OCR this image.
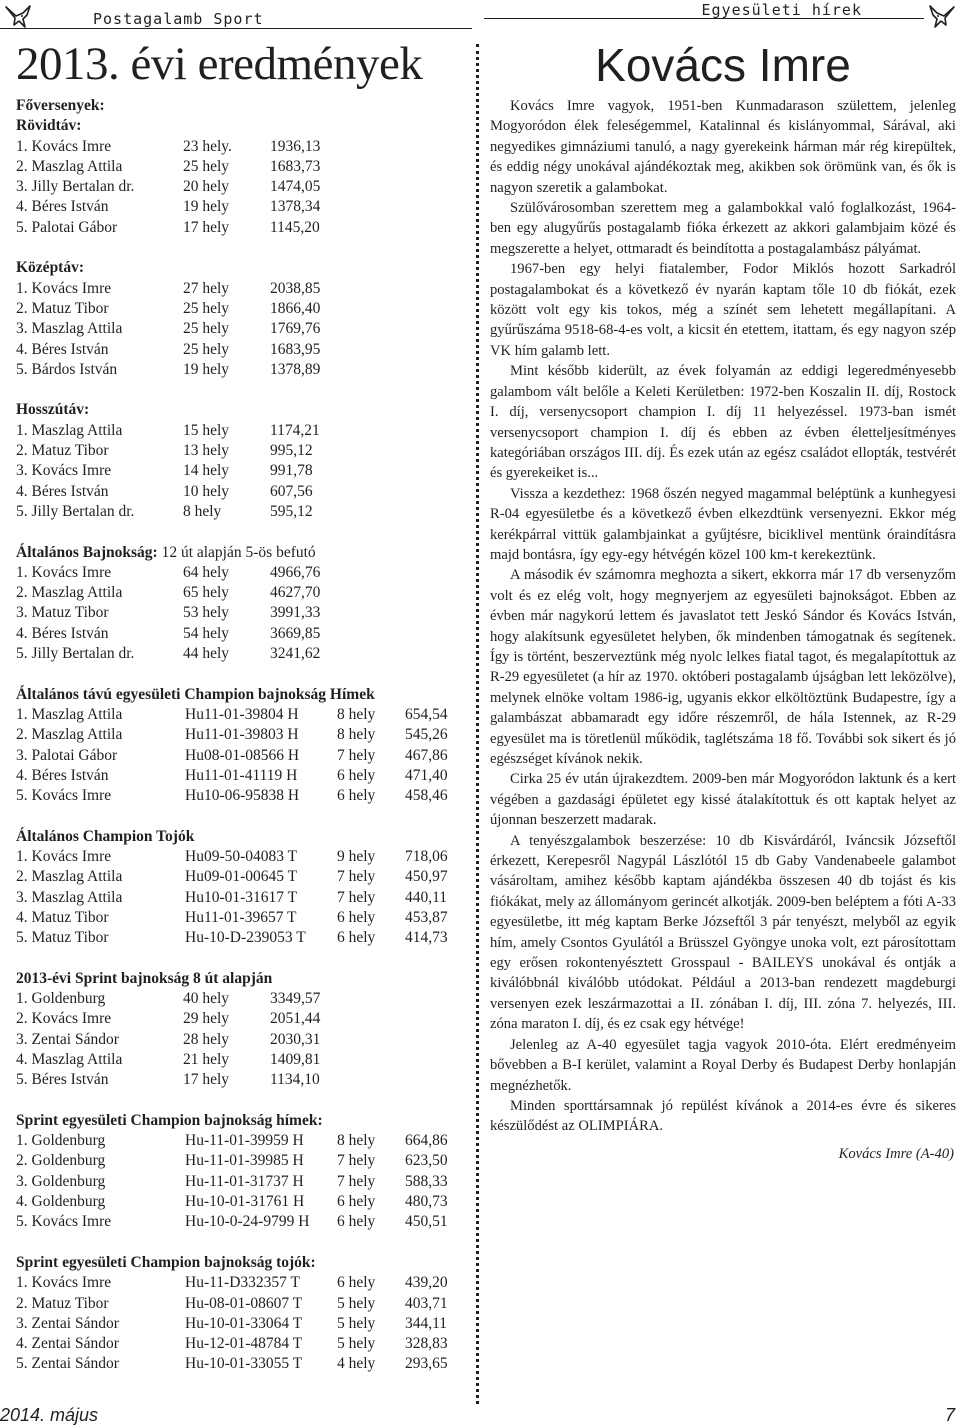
Postagalamb Sport	Egyesületi hírek
2013. évi eredmények
Főversenyek:
Rövidtáv:
1. Kovács Imre	23 hely. 1936,13
2. Maszlag Attila	25 hely	1683,73
3. Jilly Bertalan dr.	20 hely	1474,05
4. Béres István	19 hely	1378,34
5. Palotai Gábor	17 hely	1145,20
Középtáv:
1. Kovács Imre	27 hely	2038,85
2. Matuz Tibor	25 hely	1866,40
3. Maszlag Attila	25 hely	1769,76
4. Béres István	25 hely	1683,95
5. Bárdos István	19 hely	1378,89
Hosszútáv:
1. Maszlag Attila	15 hely	1174,21
2. Matuz Tibor	13 hely	995,12
3. Kovács Imre	14 hely	991,78
4. Béres István	10 hely	607,56
5. Jilly Bertalan dr.	8 hely	595,12
Általános Bajnokság: 12 út alapján 5-ös befutó
1. Kovács Imre	64 hely	4966,76
2. Maszlag Attila	65 hely	4627,70
3. Matuz Tibor	53 hely	3991,33
4. Béres István	54 hely	3669,85
5. Jilly Bertalan dr.	44 hely	3241,62
Általános távú egyesületi Champion bajnokság Hímek
1. Maszlag Attila	Hu11-01-39804 H 8 hely 654,54
2. Maszlag Attila	Hu11-01-39803 H 8 hely 545,26
3. Palotai Gábor	Hu08-01-08566 H 7 hely 467,86
4. Béres István	Hu11-01-41119 H	6 hely 471,40
5. Kovács Imre	Hu10-06-95838 H 6 hely 458,46
Általános Champion Tojók
1. Kovács Imre	Hu09-50-04083 T	9 hely 718,06
2. Maszlag Attila	Hu09-01-00645 T	7 hely 450,97
3. Maszlag Attila	Hu10-01-31617 T	7 hely 440,11
4. Matuz Tibor	Hu11-01-39657 T	6 hely 453,87
5. Matuz Tibor	Hu-10-D-239053 T 6 hely 414,73
2013-évi Sprint bajnokság 8 út alapján
1. Goldenburg	40 hely	3349,57
2. Kovács Imre	29 hely	2051,44
3. Zentai Sándor	28 hely	2030,31
4. Maszlag Attila	21 hely	1409,81
5. Béres István	17 hely	1134,10
Sprint egyesületi Champion bajnokság hímek:
1. Goldenburg	Hu-11-01-39959 H 8 hely 664,86
2. Goldenburg	Hu-11-01-39985 H 7 hely 623,50
3. Goldenburg	Hu-11-01-31737 H 7 hely 588,33
4. Goldenburg	Hu-10-01-31761 H 6 hely 480,73
5. Kovács Imre	Hu-10-0-24-9799 H 6 hely 450,51
Sprint egyesületi Champion bajnokság tojók:
1. Kovács Imre	Hu-11-D332357 T 6 hely 439,20
2. Matuz Tibor	Hu-08-01-08607 T 5 hely 403,71
3. Zentai Sándor	Hu-10-01-33064 T 5 hely 344,11
4. Zentai Sándor	Hu-12-01-48784 T 5 hely 328,83
5. Zentai Sándor	Hu-10-01-33055 T 4 hely 293,65
Kovács Imre

Kovács Imre vagyok, 1951-ben Kunmadarason születtem, jelenleg Mogyoródon élek feleségemmel, Katalinnal és kislányommal, Sárával, aki negyedikes gimnáziumi tanuló, a nagy gyerekeink hárman már rég kirepültek, és eddig négy unokával ajándékoztak meg, akikben sok örömünk van, és ők is nagyon szeretik a galambokat.

Szülővárosomban szerettem meg a galambokkal való foglalkozást, 1964-ben egy alugyűrűs postagalamb fióka érkezett az akkori galambjaim közé és megszerette a helyet, ottmaradt és beindította a postagalambász pályámat.

1967-ben egy helyi fiatalember, Fodor Miklós hozott Sarkadról postagalambokat és a következő év nyarán kaptam tőle 10 db fiókát, ezek között volt egy kis tokos, még a színét sem lehetett megállapítani. A gyűrűszáma 9518-68-4-es volt, a kicsit én etettem, itattam, és egy nagyon szép VK hím galamb lett.

Mint később kiderült, az évek folyamán az eddigi legeredményesebb galambom vált belőle a Keleti Kerületben: 1972-ben Koszalin II. díj, Rostock I. díj, versenycsoport champion I. díj 11 helyezéssel. 1973-ban ismét versenycsoport champion I. díj és ebben az évben életteljesítményes kategóriában országos III. díj. És ezek után az egész családot ellopták, testvérét és gyerekeiket is...

Vissza a kezdethez: 1968 őszén negyed magammal beléptünk a kunhegyesi R-04 egyesületbe és a következő évben elkezdtünk versenyezni. Ekkor még kerékpárral vittük galambjainkat a gyűjtésre, biciklivel mentünk óraindításra majd bontásra, így egy-egy hétvégén közel 100 km-t kerekeztünk.

A második év számomra meghozta a sikert, ekkorra már 17 db versenyzőm volt és ez elég volt, hogy megnyerjem az egyesületi bajnokságot. Ebben az évben már nagykorú lettem és javaslatot tett Jeskó Sándor és Kovács István, hogy alakítsunk egyesületet helyben, ők mindenben támogatnak és segítenek. Így is történt, beszerveztünk még nyolc lelkes fiatal tagot, és megalapítottuk az R-29 egyesületet (a hír az 1970. októberi postagalamb újságban lett leközölve), melynek elnöke voltam 1986-ig, ugyanis ekkor elköltöztünk Budapestre, így a galambászat abbamaradt egy időre részemről, de hála Istennek, az R-29 egyesület ma is töretlenül működik, taglétszáma 18 fő. További sok sikert és jó egészséget kívánok nekik.

Cirka 25 év után újrakezdtem. 2009-ben már Mogyoródon laktunk és a kert végében a gazdasági épületet egy kissé átalakítottuk és ott kaptak helyet az újonnan beszerzett madarak.

A tenyészgalambok beszerzése: 10 db Kisvárdáról, Iváncsik Józseftől érkezett, Kerepesről Nagypál Lászlótól 15 db Gaby Vandenabeele galambot vásároltam, amihez később kaptam ajándékba összesen 40 db tojást és kis fiókákat, mely az állományom gerincét alkotják. 2009-ben beléptem a fóti A-33 egyesületbe, itt még kaptam Berke Józseftől 3 pár tenyészt, melyből az egyik hím, amely Csontos Gyulától a Brüsszel Gyöngye unoka volt, ezt párosítottam egy erősen rokontenyésztett Grosspaul - BAILEYS unokával és ontják a kiválóbbnál kiválóbb utódokat. Például a 2013-ban rendezett magdeburgi versenyen ezek leszármazottai a II. zónában I. díj, III. zóna 7. helyezés, III. zóna maraton I. díj, és ez csak egy hétvége!

Jelenleg az A-40 egyesület tagja vagyok 2010-óta. Elért eredményeim bővebben a B-I kerület, valamint a Royal Derby és Budapest Derby honlapján megnézhetők.

Minden sporttársamnak jó repülést kívánok a 2014-es évre és sikeres készülődést az OLIMPIÁRA.

Kovács Imre (A-40)
2014. május	7
